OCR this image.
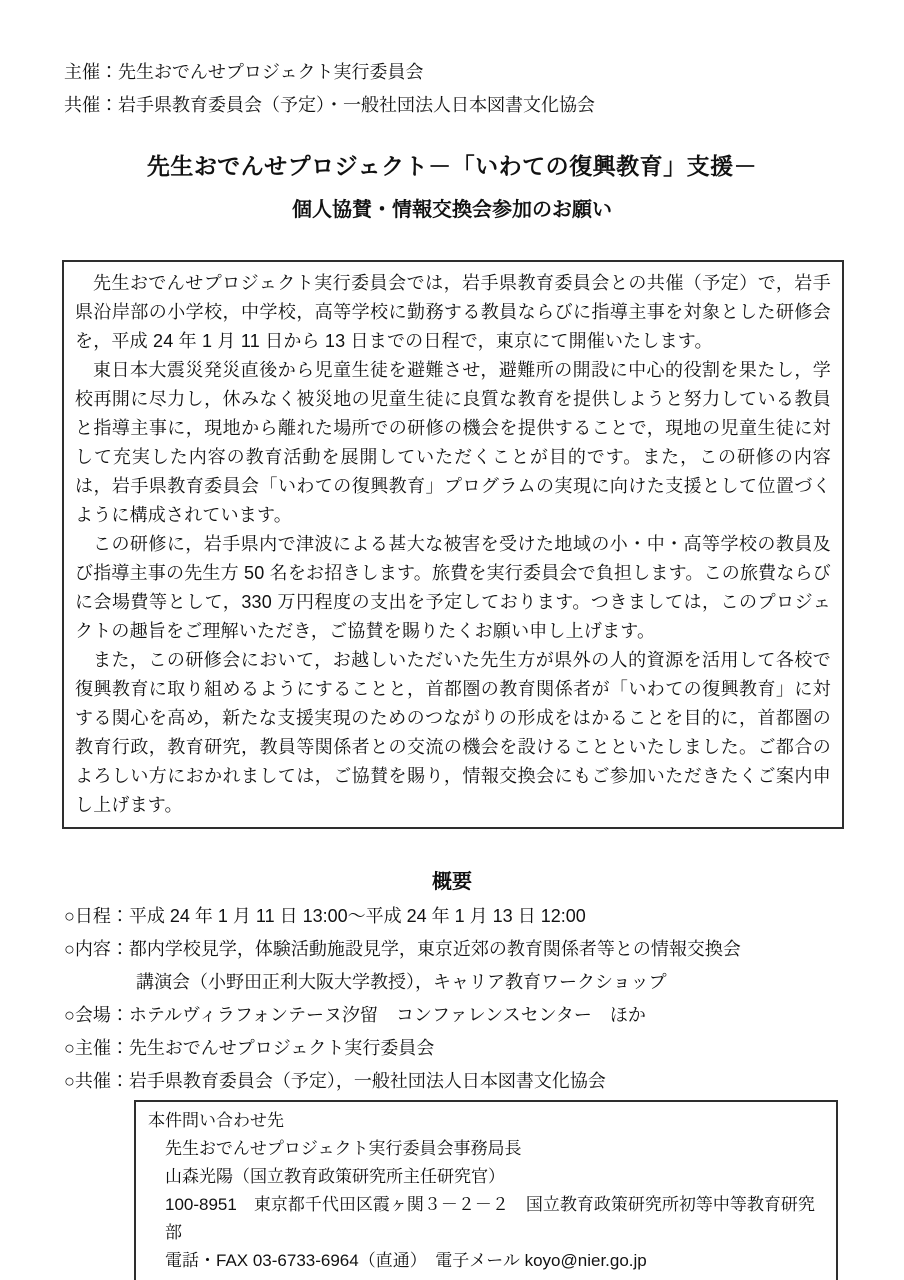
主催：先生おでんせプロジェクト実行委員会
共催：岩手県教育委員会（予定）・一般社団法人日本図書文化協会
先生おでんせプロジェクト－「いわての復興教育」支援－
個人協賛・情報交換会参加のお願い
先生おでんせプロジェクト実行委員会では，岩手県教育委員会との共催（予定）で，岩手県沿岸部の小学校，中学校，高等学校に勤務する教員ならびに指導主事を対象とした研修会を，平成 24 年 1 月 11 日から 13 日までの日程で，東京にて開催いたします。
東日本大震災発災直後から児童生徒を避難させ，避難所の開設に中心的役割を果たし，学校再開に尽力し，休みなく被災地の児童生徒に良質な教育を提供しようと努力している教員と指導主事に，現地から離れた場所での研修の機会を提供することで，現地の児童生徒に対して充実した内容の教育活動を展開していただくことが目的です。また，この研修の内容は，岩手県教育委員会「いわての復興教育」プログラムの実現に向けた支援として位置づくように構成されています。
この研修に，岩手県内で津波による甚大な被害を受けた地域の小・中・高等学校の教員及び指導主事の先生方 50 名をお招きします。旅費を実行委員会で負担します。この旅費ならびに会場費等として，330 万円程度の支出を予定しております。つきましては，このプロジェクトの趣旨をご理解いただき，ご協賛を賜りたくお願い申し上げます。
また，この研修会において，お越しいただいた先生方が県外の人的資源を活用して各校で復興教育に取り組めるようにすることと，首都圏の教育関係者が「いわての復興教育」に対する関心を高め，新たな支援実現のためのつながりの形成をはかることを目的に，首都圏の教育行政，教育研究，教員等関係者との交流の機会を設けることといたしました。ご都合のよろしい方におかれましては，ご協賛を賜り，情報交換会にもご参加いただきたくご案内申し上げます。
概要
○日程：平成 24 年 1 月 11 日 13:00～平成 24 年 1 月 13 日 12:00
○内容：都内学校見学，体験活動施設見学，東京近郊の教育関係者等との情報交換会
　　　　講演会（小野田正利大阪大学教授），キャリア教育ワークショップ
○会場：ホテルヴィラフォンテーヌ汐留　コンファレンスセンター　ほか
○主催：先生おでんせプロジェクト実行委員会
○共催：岩手県教育委員会（予定），一般社団法人日本図書文化協会
本件問い合わせ先
先生おでんせプロジェクト実行委員会事務局長
山森光陽（国立教育政策研究所主任研究官）
100-8951　東京都千代田区霞ヶ関３－２－２　国立教育政策研究所初等中等教育研究部
電話・FAX 03-6733-6964（直通）　電子メール koyo@nier.go.jp
